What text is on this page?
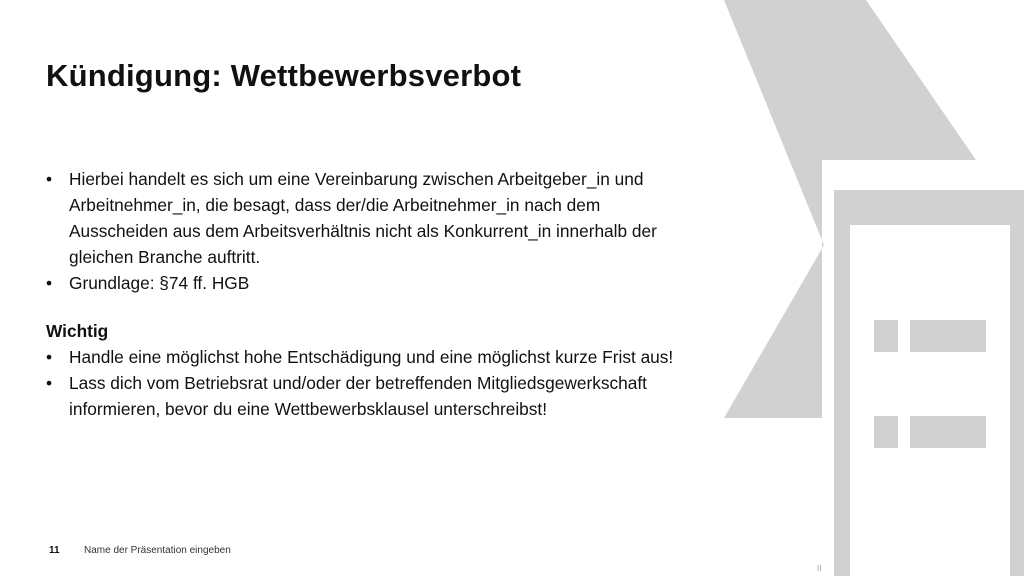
Kündigung: Wettbewerbsverbot
• Hierbei handelt es sich um eine Vereinbarung zwischen Arbeitgeber_in und Arbeitnehmer_in, die besagt, dass der/die Arbeitnehmer_in nach dem Ausscheiden aus dem Arbeitsverhältnis nicht als Konkurrent_in innerhalb der gleichen Branche auftritt.
• Grundlage: §74 ff. HGB
Wichtig
• Handle eine möglichst hohe Entschädigung und eine möglichst kurze Frist aus!
• Lass dich vom Betriebsrat und/oder der betreffenden Mitgliedsgewerkschaft informieren, bevor du eine Wettbewerbsklausel unterschreibst!
11 Name der Präsentation eingeben
II
